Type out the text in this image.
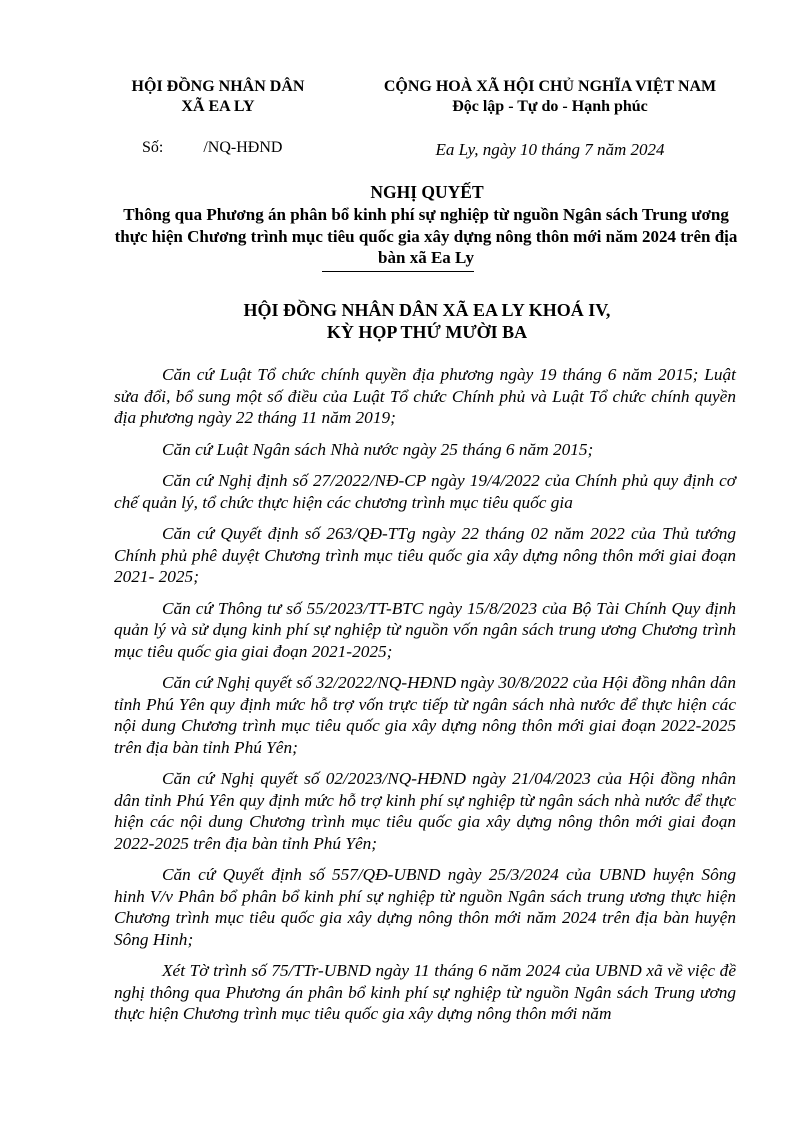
HỘI ĐỒNG NHÂN DÂN
XÃ EA LY
CỘNG HOÀ XÃ HỘI CHỦ NGHĨA VIỆT NAM
Độc lập - Tự do - Hạnh phúc
Số:          /NQ-HĐND	Ea Ly, ngày 10 tháng 7 năm 2024
NGHỊ QUYẾT
Thông qua Phương án phân bổ kinh phí sự nghiệp từ nguồn Ngân sách Trung ương thực hiện Chương trình mục tiêu quốc gia xây dựng nông thôn mới năm 2024 trên địa bàn xã Ea Ly
HỘI ĐỒNG NHÂN DÂN XÃ EA LY KHOÁ IV,
KỲ HỌP THỨ MƯỜI BA

Căn cứ Luật Tổ chức chính quyền địa phương ngày 19 tháng 6 năm 2015; Luật sửa đổi, bổ sung một số điều của Luật Tổ chức Chính phủ và Luật Tổ chức chính quyền địa phương ngày 22 tháng 11 năm 2019;

Căn cứ Luật Ngân sách Nhà nước ngày 25 tháng 6 năm 2015;

Căn cứ Nghị định số 27/2022/NĐ-CP ngày 19/4/2022 của Chính phủ quy định cơ chế quản lý, tổ chức thực hiện các chương trình mục tiêu quốc gia

Căn cứ Quyết định số 263/QĐ-TTg ngày 22 tháng 02 năm 2022 của Thủ tướng Chính phủ phê duyệt Chương trình mục tiêu quốc gia xây dựng nông thôn mới giai đoạn 2021- 2025;

Căn cứ Thông tư số 55/2023/TT-BTC ngày 15/8/2023 của Bộ Tài Chính Quy định quản lý và sử dụng kinh phí sự nghiệp từ nguồn vốn ngân sách trung ương Chương trình mục tiêu quốc gia giai đoạn 2021-2025;

Căn cứ Nghị quyết số 32/2022/NQ-HĐND ngày 30/8/2022 của Hội đồng nhân dân tỉnh Phú Yên quy định mức hỗ trợ vốn trực tiếp từ ngân sách nhà nước để thực hiện các nội dung Chương trình mục tiêu quốc gia xây dựng nông thôn mới giai đoạn 2022-2025 trên địa bàn tỉnh Phú Yên;

Căn cứ Nghị quyết số 02/2023/NQ-HĐND ngày 21/04/2023 của Hội đồng nhân dân tỉnh Phú Yên quy định mức hỗ trợ kinh phí sự nghiệp từ ngân sách nhà nước để thực hiện các nội dung Chương trình mục tiêu quốc gia xây dựng nông thôn mới giai đoạn 2022-2025 trên địa bàn tỉnh Phú Yên;

Căn cứ Quyết định số 557/QĐ-UBND ngày 25/3/2024 của UBND huyện Sông hinh V/v Phân bổ phân bổ kinh phí sự nghiệp từ nguồn Ngân sách trung ương thực hiện Chương trình mục tiêu quốc gia xây dựng nông thôn mới năm 2024 trên địa bàn huyện Sông Hinh;

Xét Tờ trình số 75/TTr-UBND ngày 11 tháng 6 năm 2024 của UBND xã về việc đề nghị thông qua Phương án phân bổ kinh phí sự nghiệp từ nguồn Ngân sách Trung ương thực hiện Chương trình mục tiêu quốc gia xây dựng nông thôn mới năm
